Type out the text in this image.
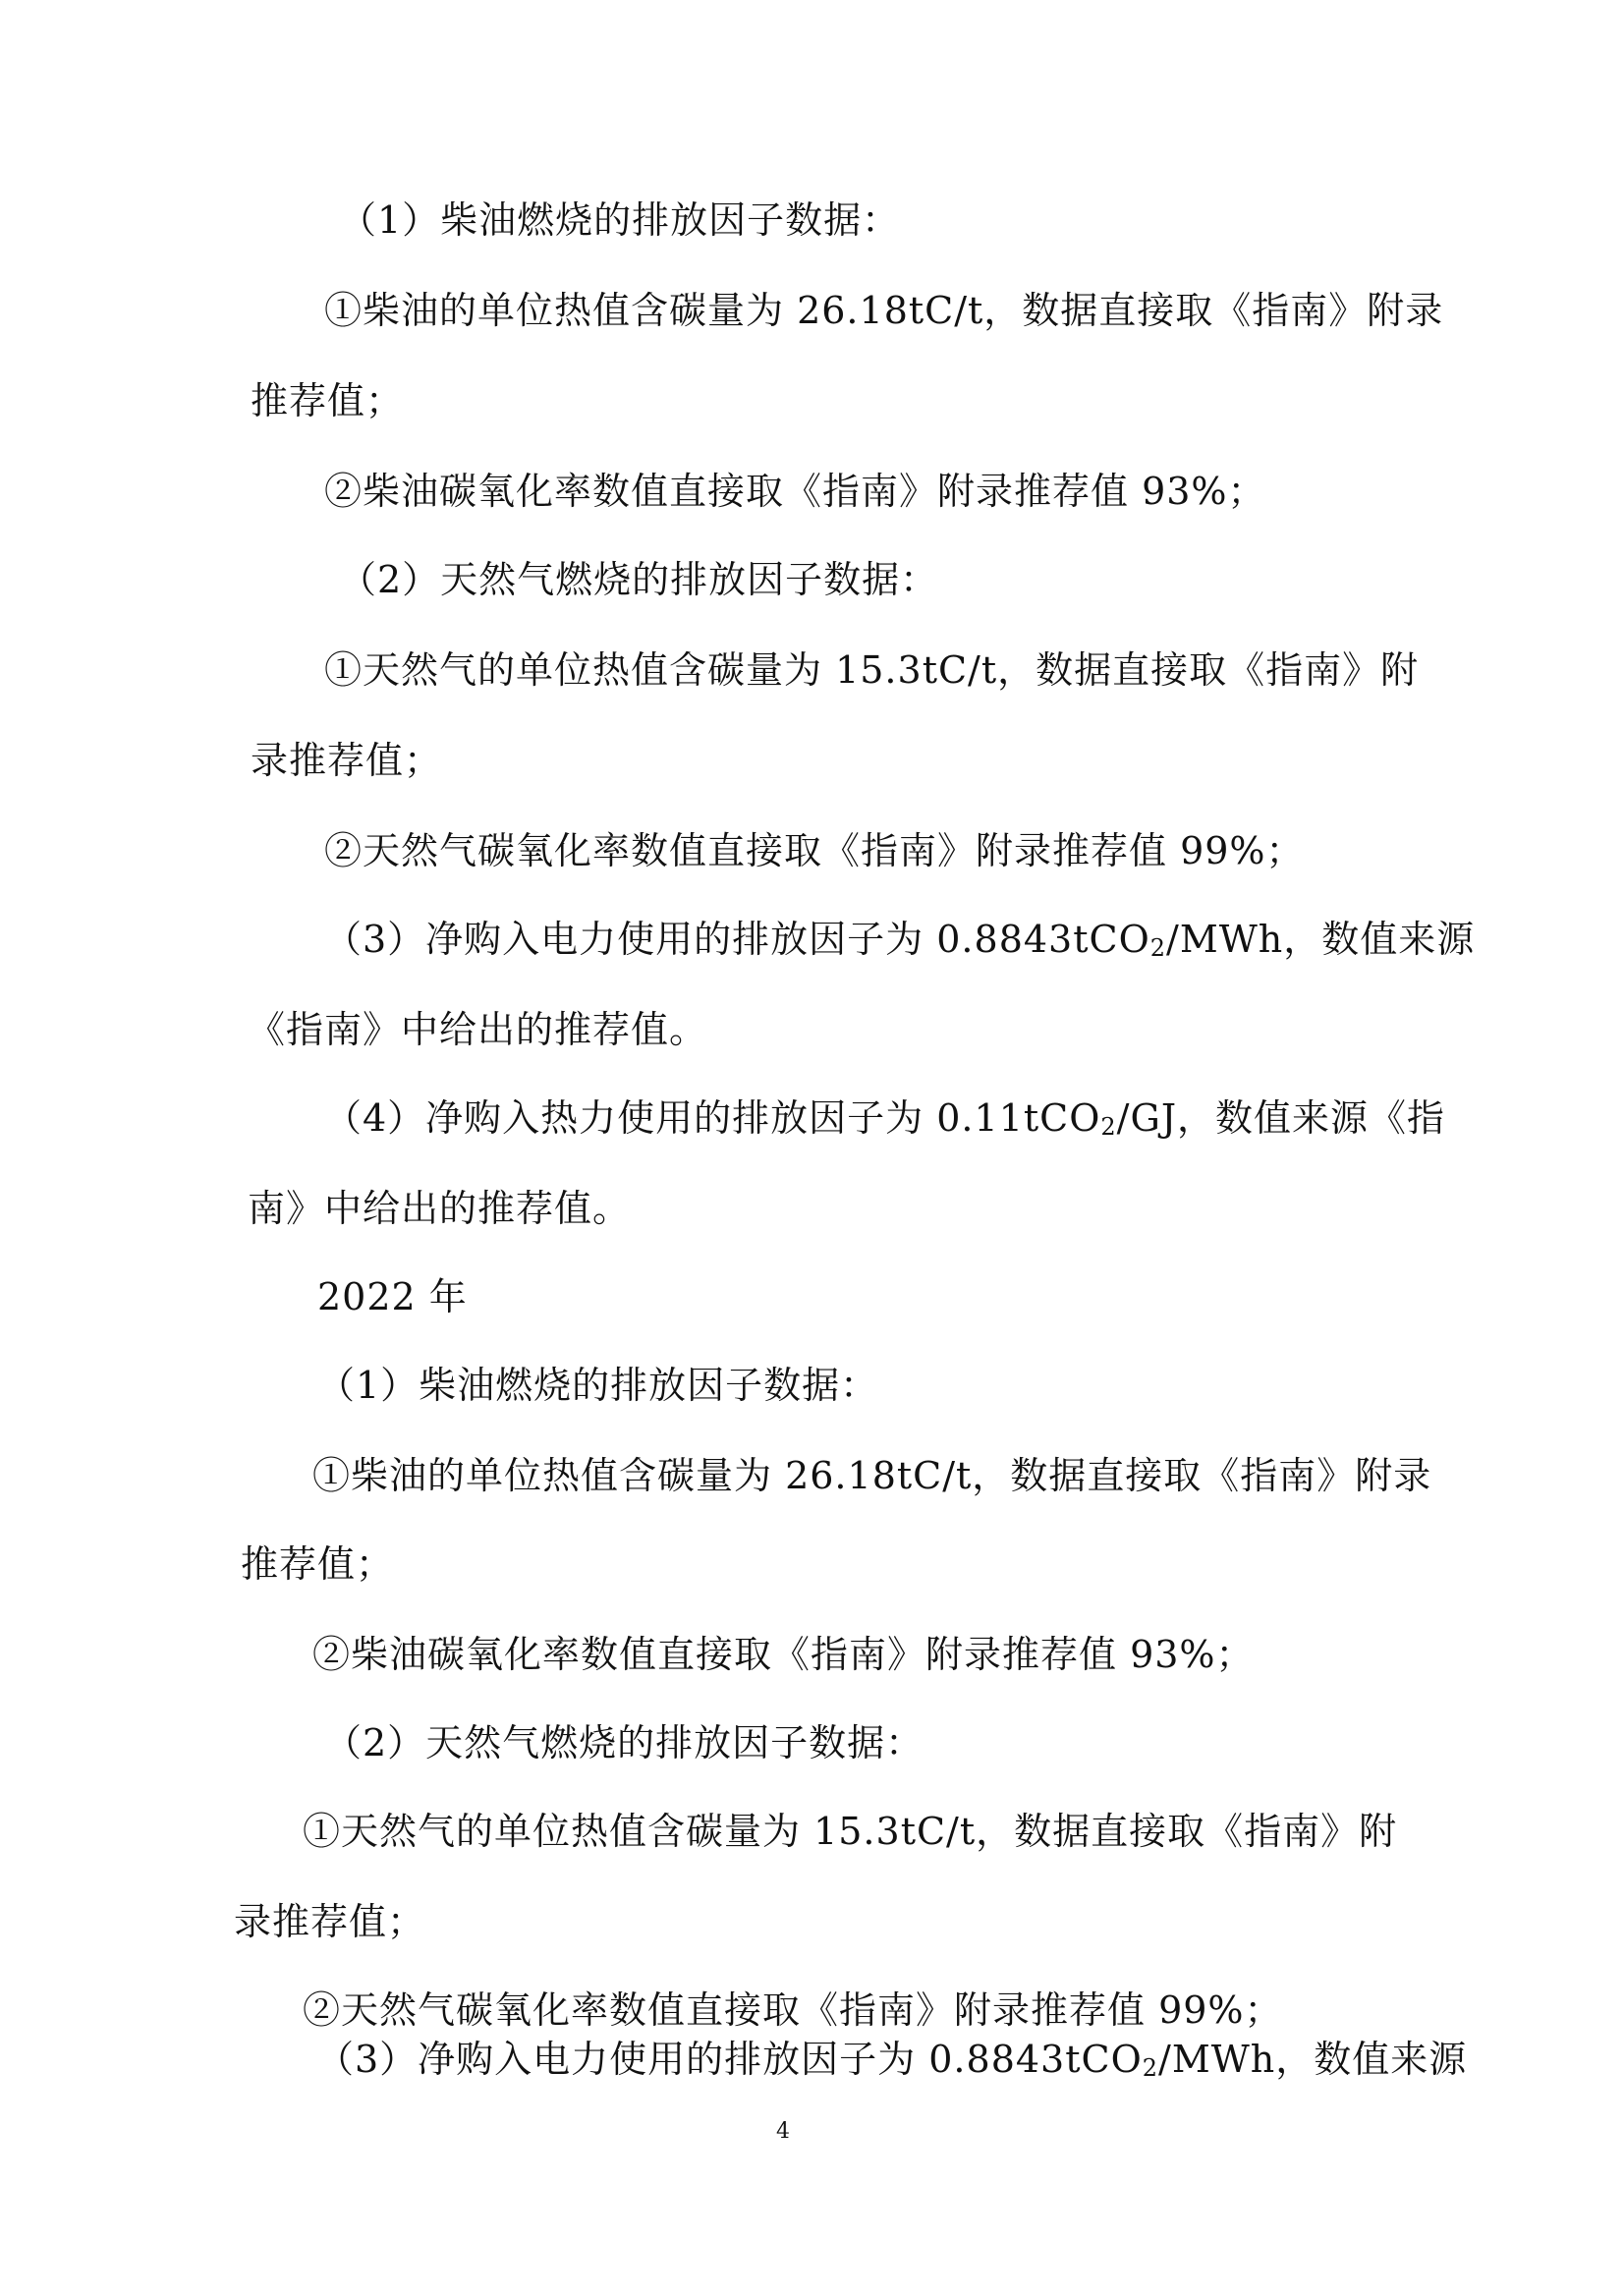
（1）柴油燃烧的排放因子数据：
①柴油的单位热值含碳量为 26.18tC/t，数据直接取《指南》附录
推荐值；
②柴油碳氧化率数值直接取《指南》附录推荐值 93%；
（2）天然气燃烧的排放因子数据：
①天然气的单位热值含碳量为 15.3tC/t，数据直接取《指南》附
录推荐值；
②天然气碳氧化率数值直接取《指南》附录推荐值 99%；
（3）净购入电力使用的排放因子为 0.8843tCO$_2$/MWh，数值来源
《指南》中给出的推荐值。
（4）净购入热力使用的排放因子为 0.11tCO$_2$/GJ，数值来源《指
南》中给出的推荐值。
2022 年
（1）柴油燃烧的排放因子数据：
①柴油的单位热值含碳量为 26.18tC/t，数据直接取《指南》附录
推荐值；
②柴油碳氧化率数值直接取《指南》附录推荐值 93%；
（2）天然气燃烧的排放因子数据：
①天然气的单位热值含碳量为 15.3tC/t，数据直接取《指南》附
录推荐值；
②天然气碳氧化率数值直接取《指南》附录推荐值 99%；
（3）净购入电力使用的排放因子为 0.8843tCO$_2$/MWh，数值来源
4
